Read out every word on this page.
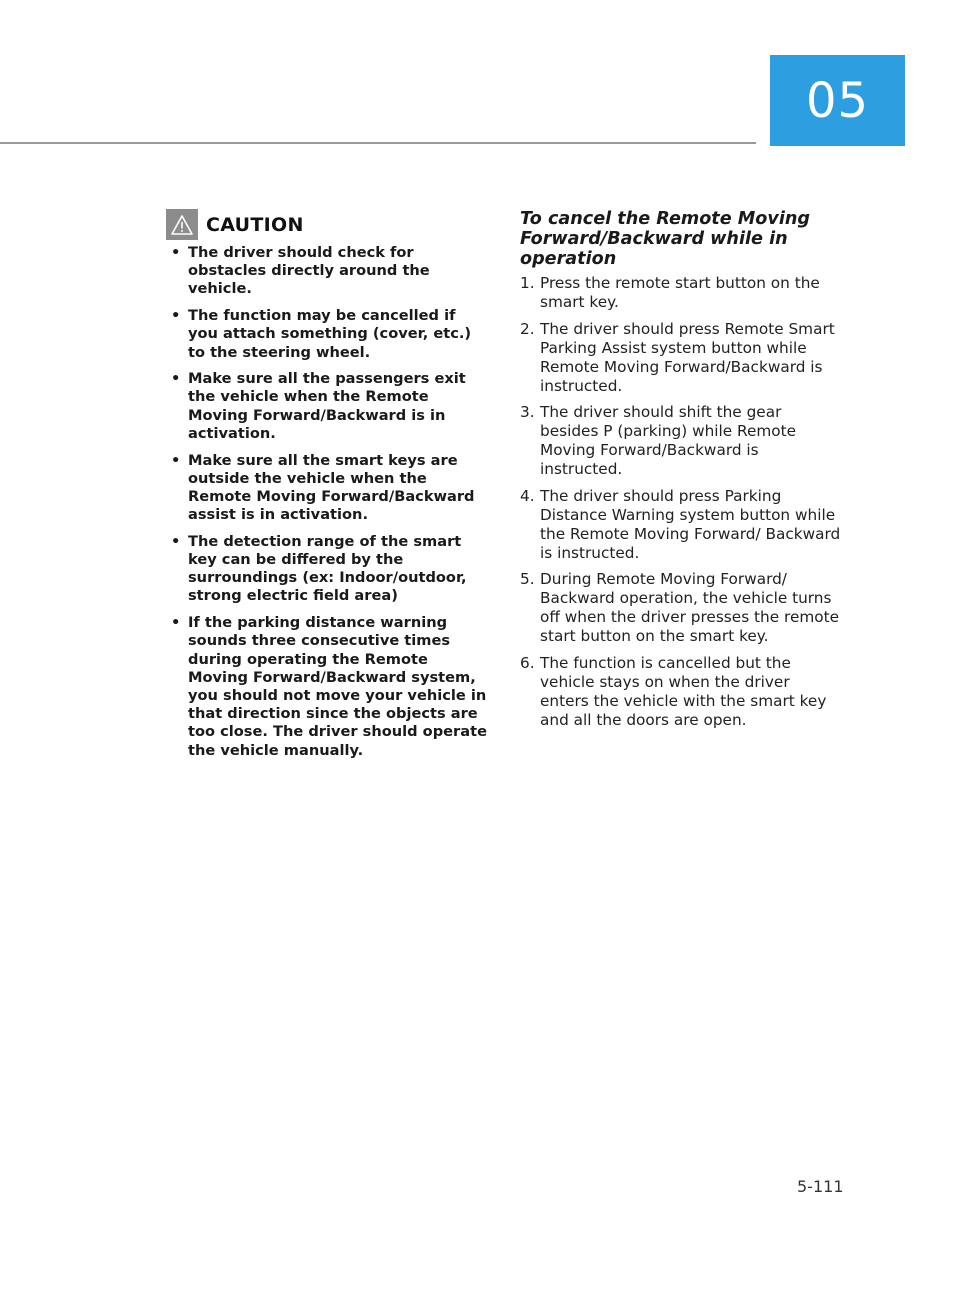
05
CAUTION
• The driver should check for obstacles directly around the vehicle.
• The function may be cancelled if you attach something (cover, etc.) to the steering wheel.
• Make sure all the passengers exit the vehicle when the Remote Moving Forward/Backward is in activation.
• Make sure all the smart keys are outside the vehicle when the Remote Moving Forward/Backward assist is in activation.
• The detection range of the smart key can be differed by the surroundings (ex: Indoor/outdoor, strong electric field area)
• If the parking distance warning sounds three consecutive times during operating the Remote Moving Forward/Backward system, you should not move your vehicle in that direction since the objects are too close. The driver should operate the vehicle manually.
To cancel the Remote Moving Forward/Backward while in operation
1. Press the remote start button on the smart key.
2. The driver should press Remote Smart Parking Assist system button while Remote Moving Forward/Backward is instructed.
3. The driver should shift the gear besides P (parking) while Remote Moving Forward/Backward is instructed.
4. The driver should press Parking Distance Warning system button while the Remote Moving Forward/ Backward is instructed.
5. During Remote Moving Forward/ Backward operation, the vehicle turns off when the driver presses the remote start button on the smart key.
6. The function is cancelled but the vehicle stays on when the driver enters the vehicle with the smart key and all the doors are open.
5-111
